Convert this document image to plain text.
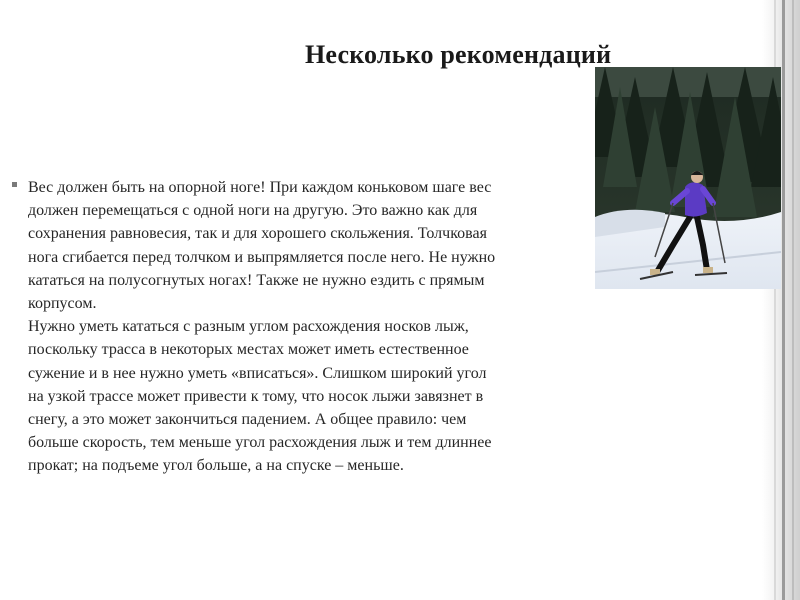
Вес должен быть на опорной ноге! При каждом коньковом шаге вес
должен перемещаться с одной ноги на другую. Это важно как для
сохранения равновесия, так и для хорошего скольжения. Толчковая
нога сгибается перед толчком и выпрямляется после него. Не нужно
кататься на полусогнутых ногах! Также не нужно ездить с прямым
корпусом.

Нужно уметь кататься с разным углом расхождения носков лыж,
поскольку трасса в некоторых местах может иметь естественное
сужение и в нее нужно уметь «вписаться». Слишком широкий угол
на узкой трассе может привести к тому, что носок лыжи завязнет в
снегу, а это может закончиться падением. А общее правило: чем
больше скорость, тем меньше угол расхождения лыж и тем длиннее
прокат; на подъеме угол больше, а на спуске – меньше.

Несколько рекомендаций
